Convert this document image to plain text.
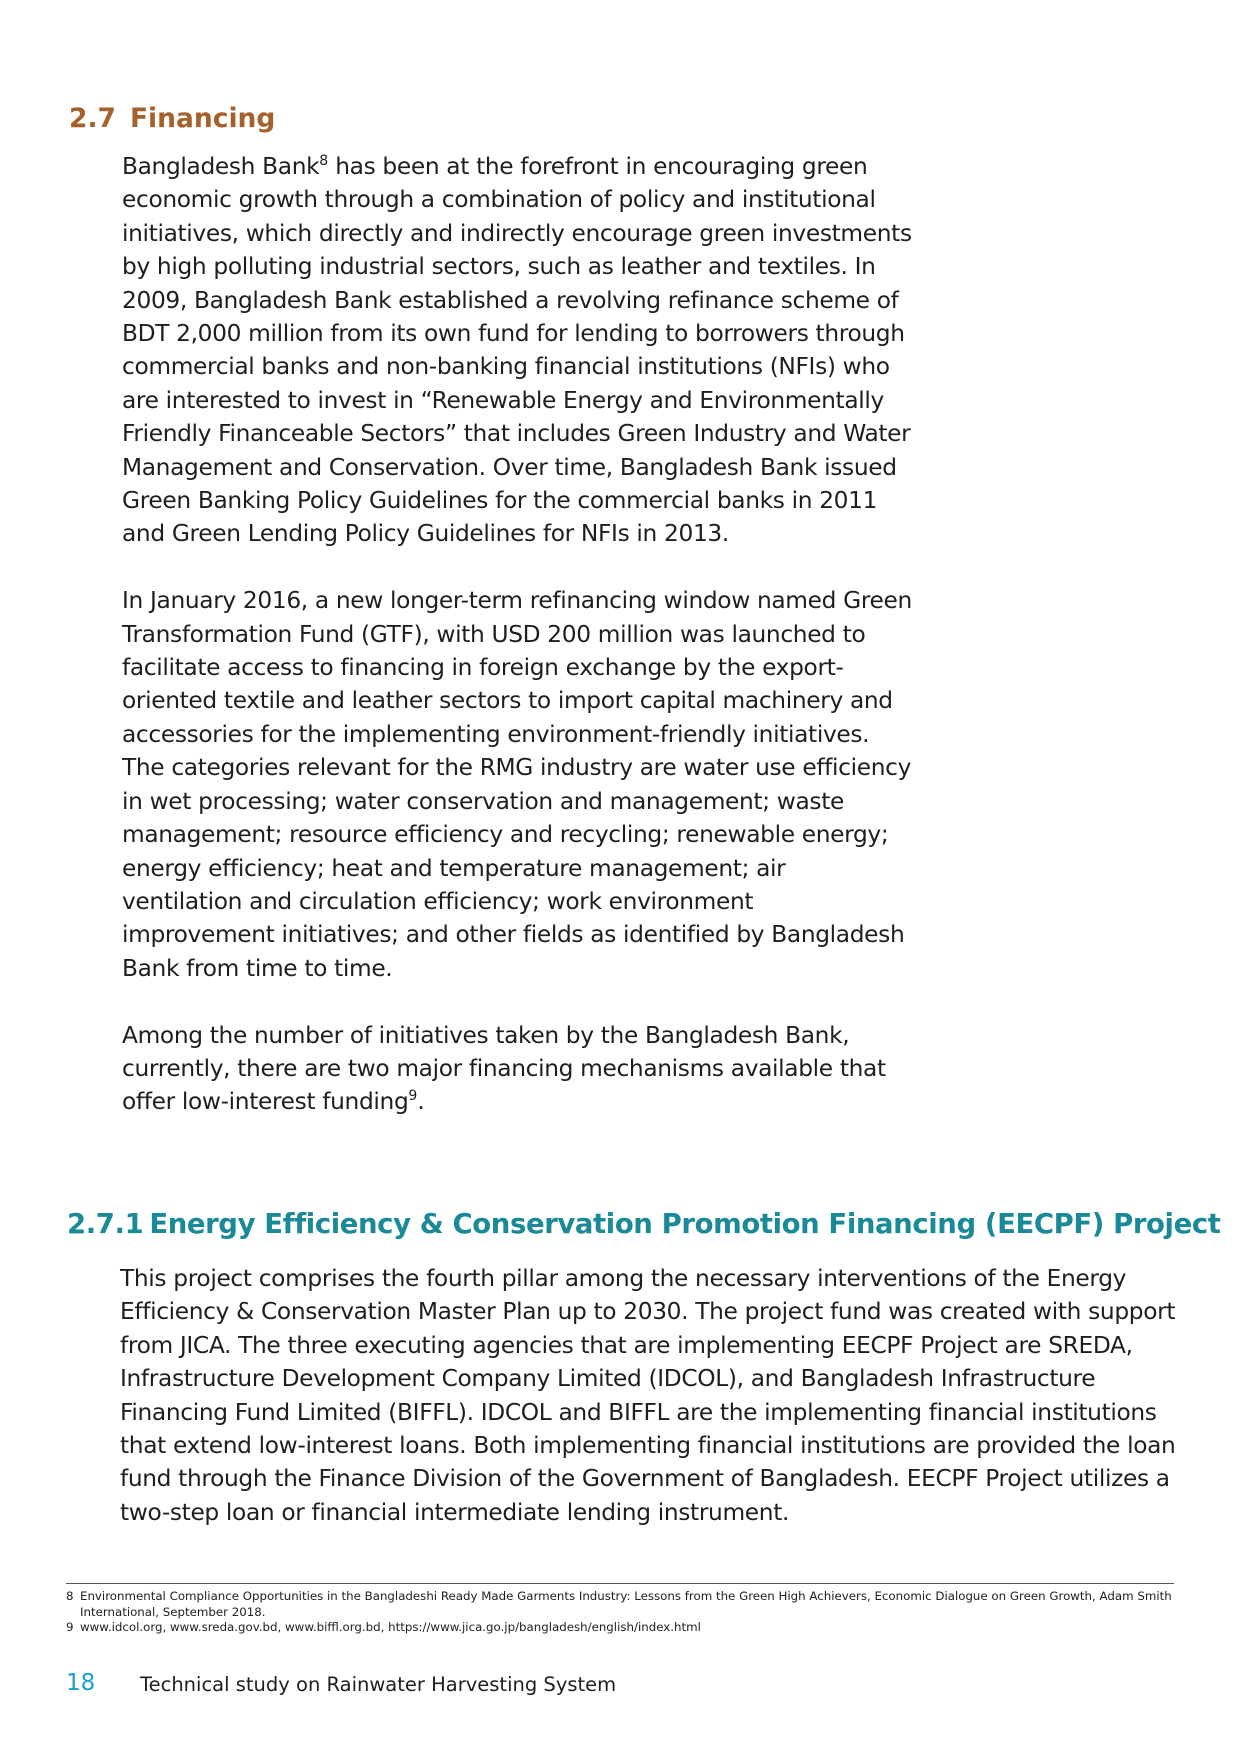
2.7 Financing

Bangladesh Bank$^8$ has been at the forefront in encouraging green economic growth through a combination of policy and institutional initiatives, which directly and indirectly encourage green investments by high polluting industrial sectors, such as leather and textiles. In 2009, Bangladesh Bank established a revolving refinance scheme of BDT 2,000 million from its own fund for lending to borrowers through commercial banks and non-banking financial institutions (NFIs) who are interested to invest in “Renewable Energy and Environmentally Friendly Financeable Sectors” that includes Green Industry and Water Management and Conservation. Over time, Bangladesh Bank issued Green Banking Policy Guidelines for the commercial banks in 2011 and Green Lending Policy Guidelines for NFIs in 2013.

In January 2016, a new longer-term refinancing window named Green Transformation Fund (GTF), with USD 200 million was launched to facilitate access to financing in foreign exchange by the export-oriented textile and leather sectors to import capital machinery and accessories for the implementing environment-friendly initiatives. The categories relevant for the RMG industry are water use efficiency in wet processing; water conservation and management; waste management; resource efficiency and recycling; renewable energy; energy efficiency; heat and temperature management; air ventilation and circulation efficiency; work environment improvement initiatives; and other fields as identified by Bangladesh Bank from time to time.

Among the number of initiatives taken by the Bangladesh Bank, currently, there are two major financing mechanisms available that offer low-interest funding$^9$.

2.7.1 Energy Efficiency & Conservation Promotion Financing (EECPF) Project

This project comprises the fourth pillar among the necessary interventions of the Energy Efficiency & Conservation Master Plan up to 2030. The project fund was created with support from JICA. The three executing agencies that are implementing EECPF Project are SREDA, Infrastructure Development Company Limited (IDCOL), and Bangladesh Infrastructure Financing Fund Limited (BIFFL). IDCOL and BIFFL are the implementing financial institutions that extend low-interest loans. Both implementing financial institutions are provided the loan fund through the Finance Division of the Government of Bangladesh. EECPF Project utilizes a two-step loan or financial intermediate lending instrument.

8 Environmental Compliance Opportunities in the Bangladeshi Ready Made Garments Industry: Lessons from the Green High Achievers, Economic Dialogue on Green Growth, Adam Smith International, September 2018.
9 www.idcol.org, www.sreda.gov.bd, www.biffl.org.bd, https://www.jica.go.jp/bangladesh/english/index.html
18 Technical study on Rainwater Harvesting System
